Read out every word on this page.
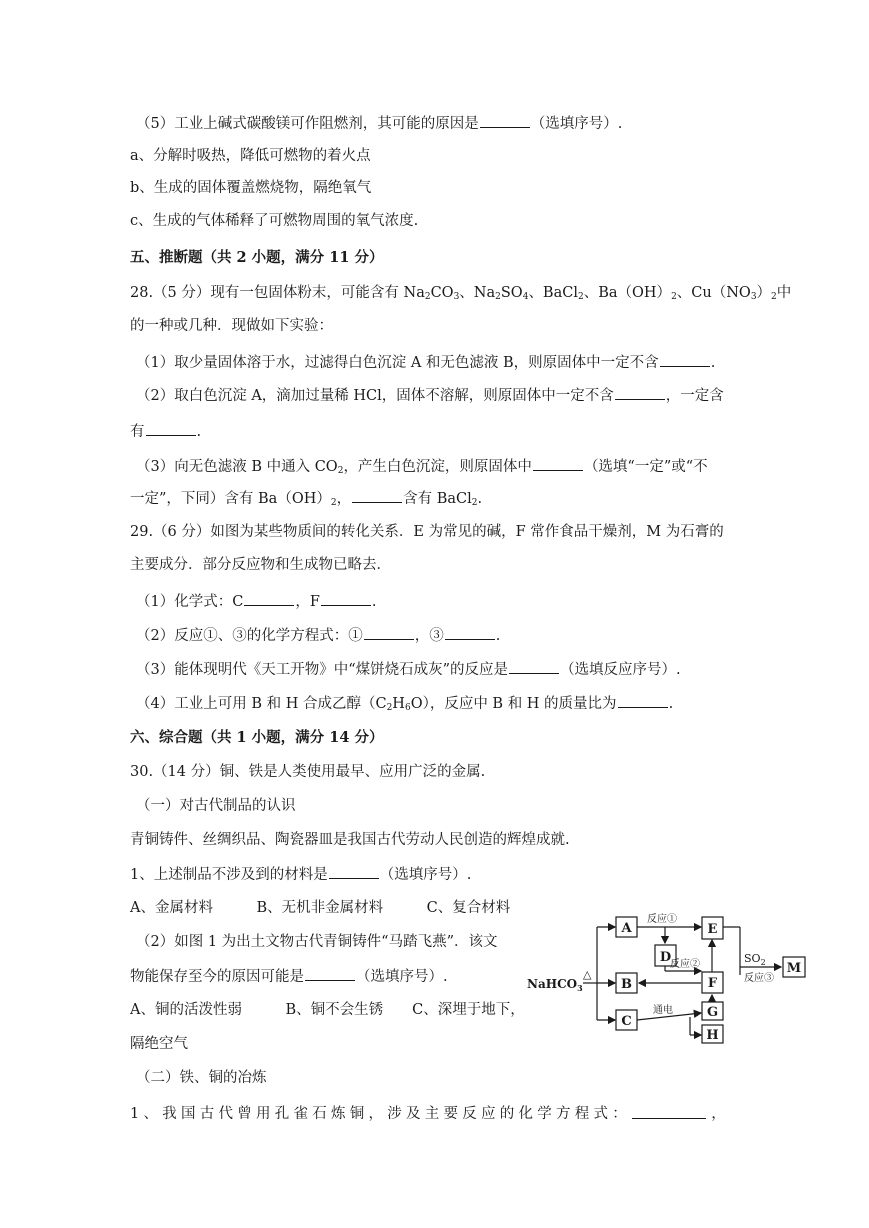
（5）工业上碱式碳酸镁可作阻燃剂，其可能的原因是	（选填序号）.
a、分解时吸热，降低可燃物的着火点
b、生成的固体覆盖燃烧物，隔绝氧气
c、生成的气体稀释了可燃物周围的氧气浓度.
五、推断题（共 2 小题，满分 11 分）
28.（5 分）现有一包固体粉末，可能含有 $Na_2CO_3$、$Na_2SO_4$、BaCl$_2$、$Ba(OH)_2$、$Cu(NO_3)_2$中
的一种或几种．现做如下实验：
（1）取少量固体溶于水，过滤得白色沉淀 A 和无色滤液 B，则原固体中一定不含	.
（2）取白色沉淀 A，滴加过量稀 HCl，固体不溶解，则原固体中一定不含	，一定含
有	.
（3）向无色滤液 B 中通入 $CO_2$，产生白色沉淀，则原固体中	（选填“一定”或“不
一定”，下同）含有 $Ba(OH)_2$，	含有 BaCl$_2$.
29.（6 分）如图为某些物质间的转化关系．E 为常见的碱，F 常作食品干燥剂，M 为石膏的
主要成分．部分反应物和生成物已略去．
（1）化学式：C	，F	.
（2）反应①、③的化学方程式：①	，③	.
（3）能体现明代《天工开物》中“煤饼烧石成灰”的反应是	（选填反应序号）.
（4）工业上可用 B 和 H 合成乙醇$(C_2H_6O)$，反应中 B 和 H 的质量比为	.
六、综合题（共 1 小题，满分 14 分）
30.（14 分）铜、铁是人类使用最早、应用广泛的金属.
（一）对古代制品的认识
青铜铸件、丝绸织品、陶瓷器皿是我国古代劳动人民创造的辉煌成就.
1、上述制品不涉及到的材料是	（选填序号）.
A、金属材料　　　B、无机非金属材料　　　C、复合材料
（2）如图 1 为出土文物古代青铜铸件“马踏飞燕”．该文
物能保存至今的原因可能是	（选填序号）.
A、铜的活泼性弱　　　B、铜不会生锈　　C、深埋于地下，
隔绝空气
（二）铁、铜的冶炼
1 、 我 国 古 代 曾 用 孔 雀 石 炼 铜 ， 涉 及 主 要 反 应 的 化 学 方 程 式 ：	，
A
B
C
D
E
F
G
H
M
NaHCO$_3$
△
反应①
反应②	$SO_2$
反应③
通电
